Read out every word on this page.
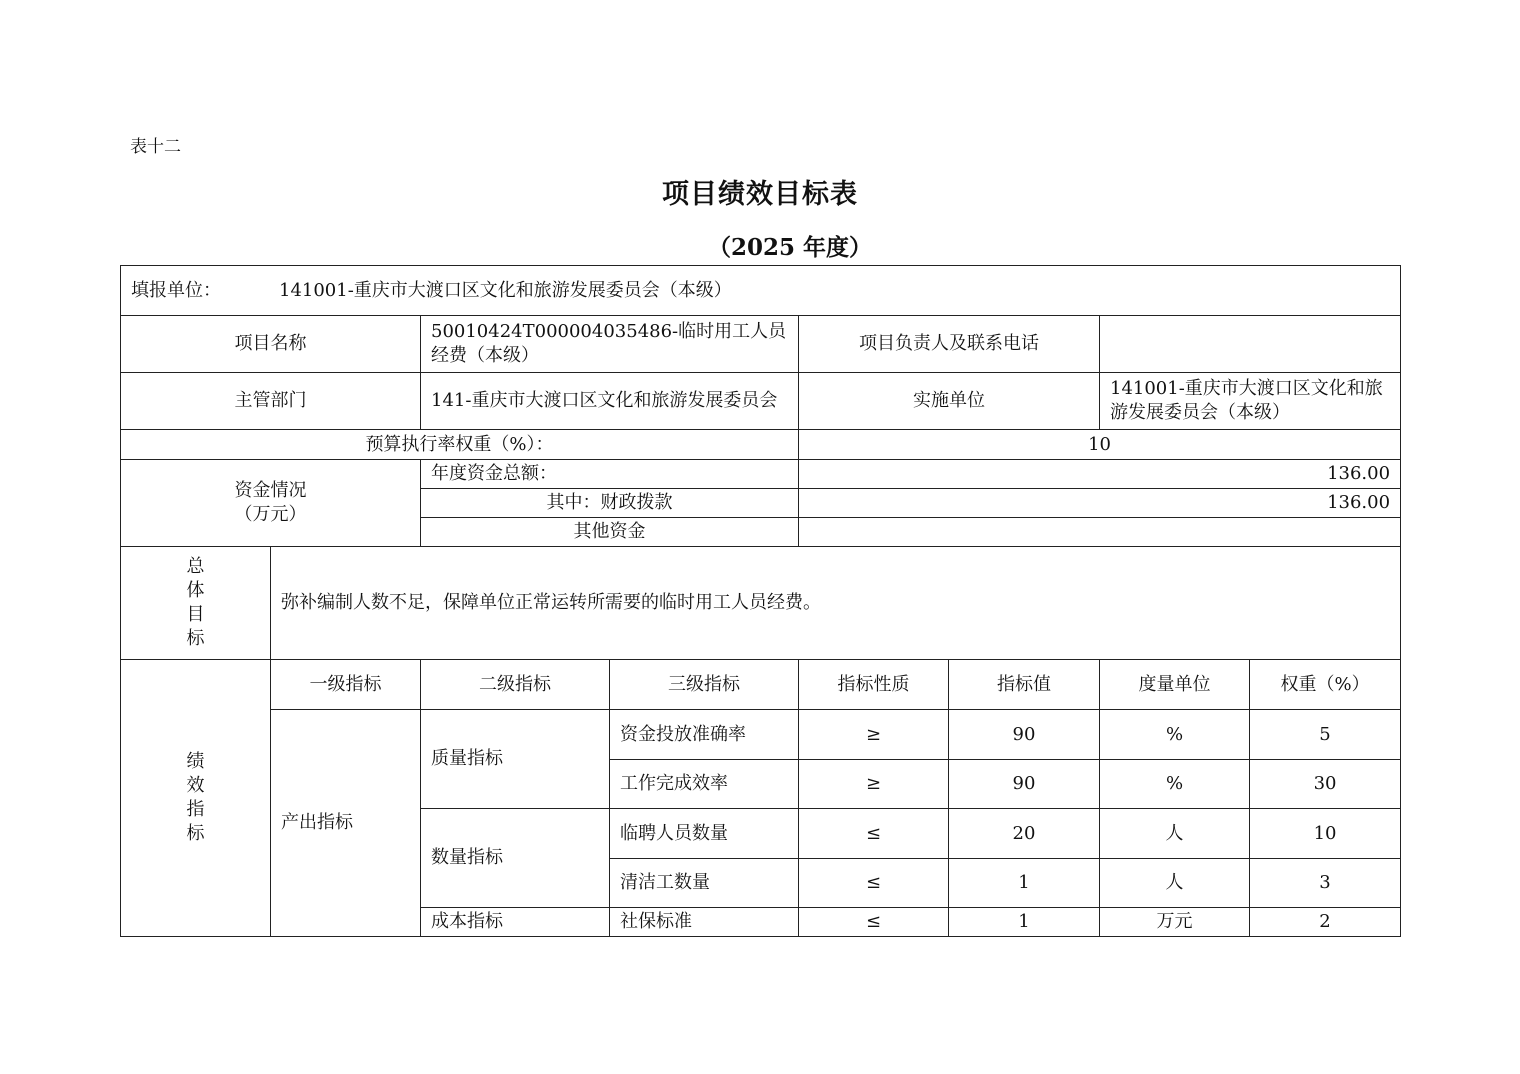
表十二
项目绩效目标表
（2025 年度）
填报单位： 141001-重庆市大渡口区文化和旅游发展委员会（本级）							
项目名称		50010424T000004035486-临时用工人员经费（本级）		项目负责人及联系电话			
主管部门		141-重庆市大渡口区文化和旅游发展委员会		实施单位		141001-重庆市大渡口区文化和旅游发展委员会（本级）	
预算执行率权重（%）：				10			

资金情况
（万元）		年度资金总额：		136.00			
		其中：财政拨款		136.00			
		其他资金					

总
体
目
标	弥补编制人数不足，保障单位正常运转所需要的临时用工人员经费。						

绩
效
指
标	一级指标	二级指标	三级指标	指标性质	指标值	度量单位	权重（%）
	产出指标	质量指标	资金投放准确率	≥	90	%	5
			工作完成效率	≥	90	%	30
		数量指标	临聘人员数量	≤	20	人	10
			清洁工数量	≤	1	人	3
		成本指标	社保标准	≤	1	万元	2
